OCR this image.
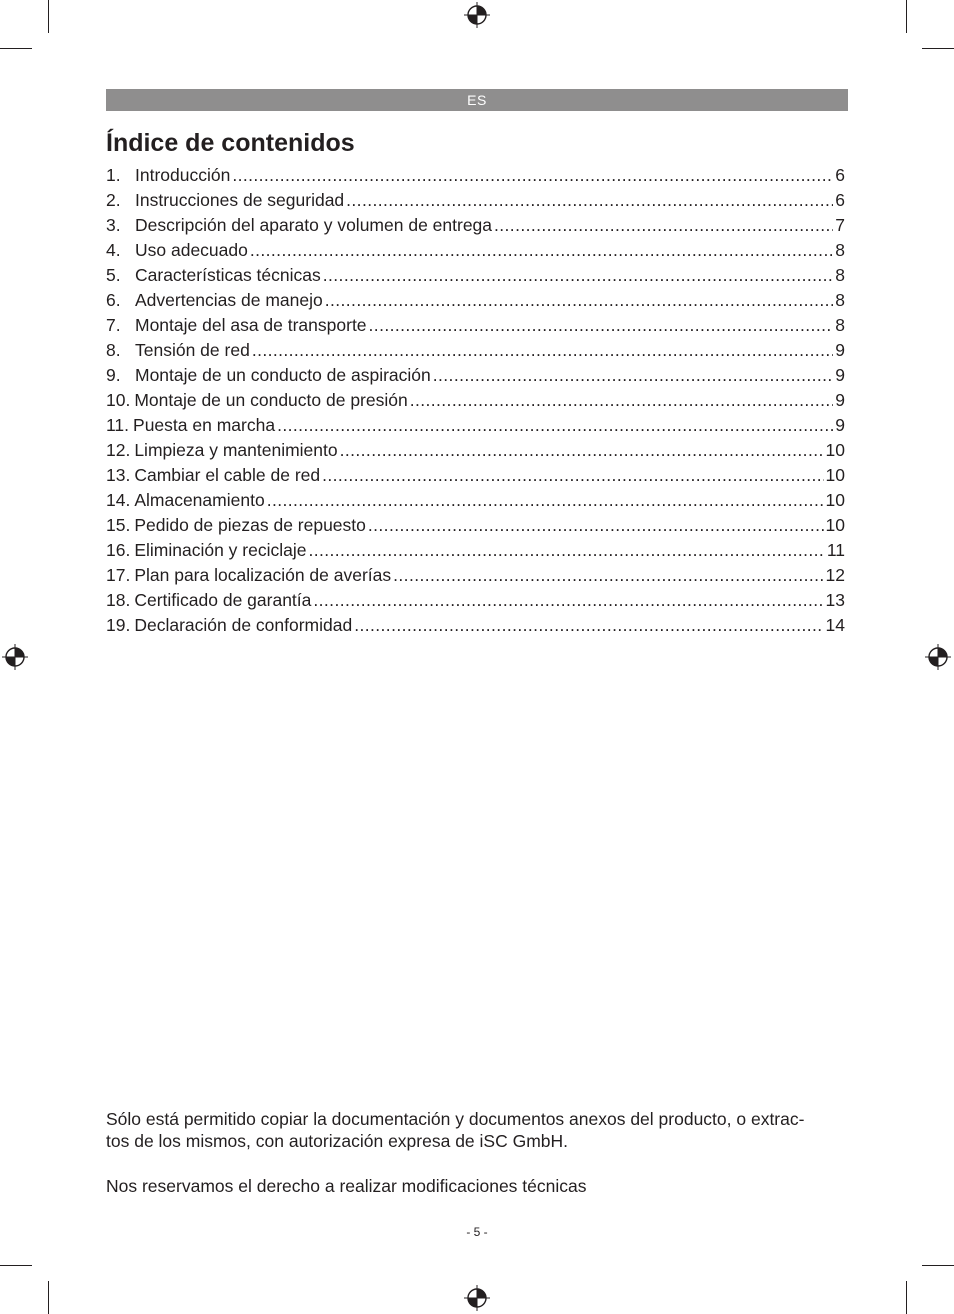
ES
Índice de contenidos
1. Introducción .....	6
2. Instrucciones de seguridad .....	6
3. Descripción del aparato y volumen de entrega .....	7
4. Uso adecuado .....	8
5. Características técnicas .....	8
6. Advertencias de manejo .....	8
7. Montaje del asa de transporte .....	8
8. Tensión de red .....	9
9. Montaje de un conducto de aspiración .....	9
10. Montaje de un conducto de presión .....	9
11. Puesta en marcha .....	9
12. Limpieza y mantenimiento .....	10
13. Cambiar el cable de red .....	10
14. Almacenamiento .....	10
15. Pedido de piezas de repuesto .....	10
16. Eliminación y reciclaje .....	11
17. Plan para localización de averías .....	12
18. Certificado de garantía .....	13
19. Declaración de conformidad .....	14

Sólo está permitido copiar la documentación y documentos anexos del producto, o extrac-
tos de los mismos, con autorización expresa de iSC GmbH.

Nos reservamos el derecho a realizar modificaciones técnicas

- 5 -
